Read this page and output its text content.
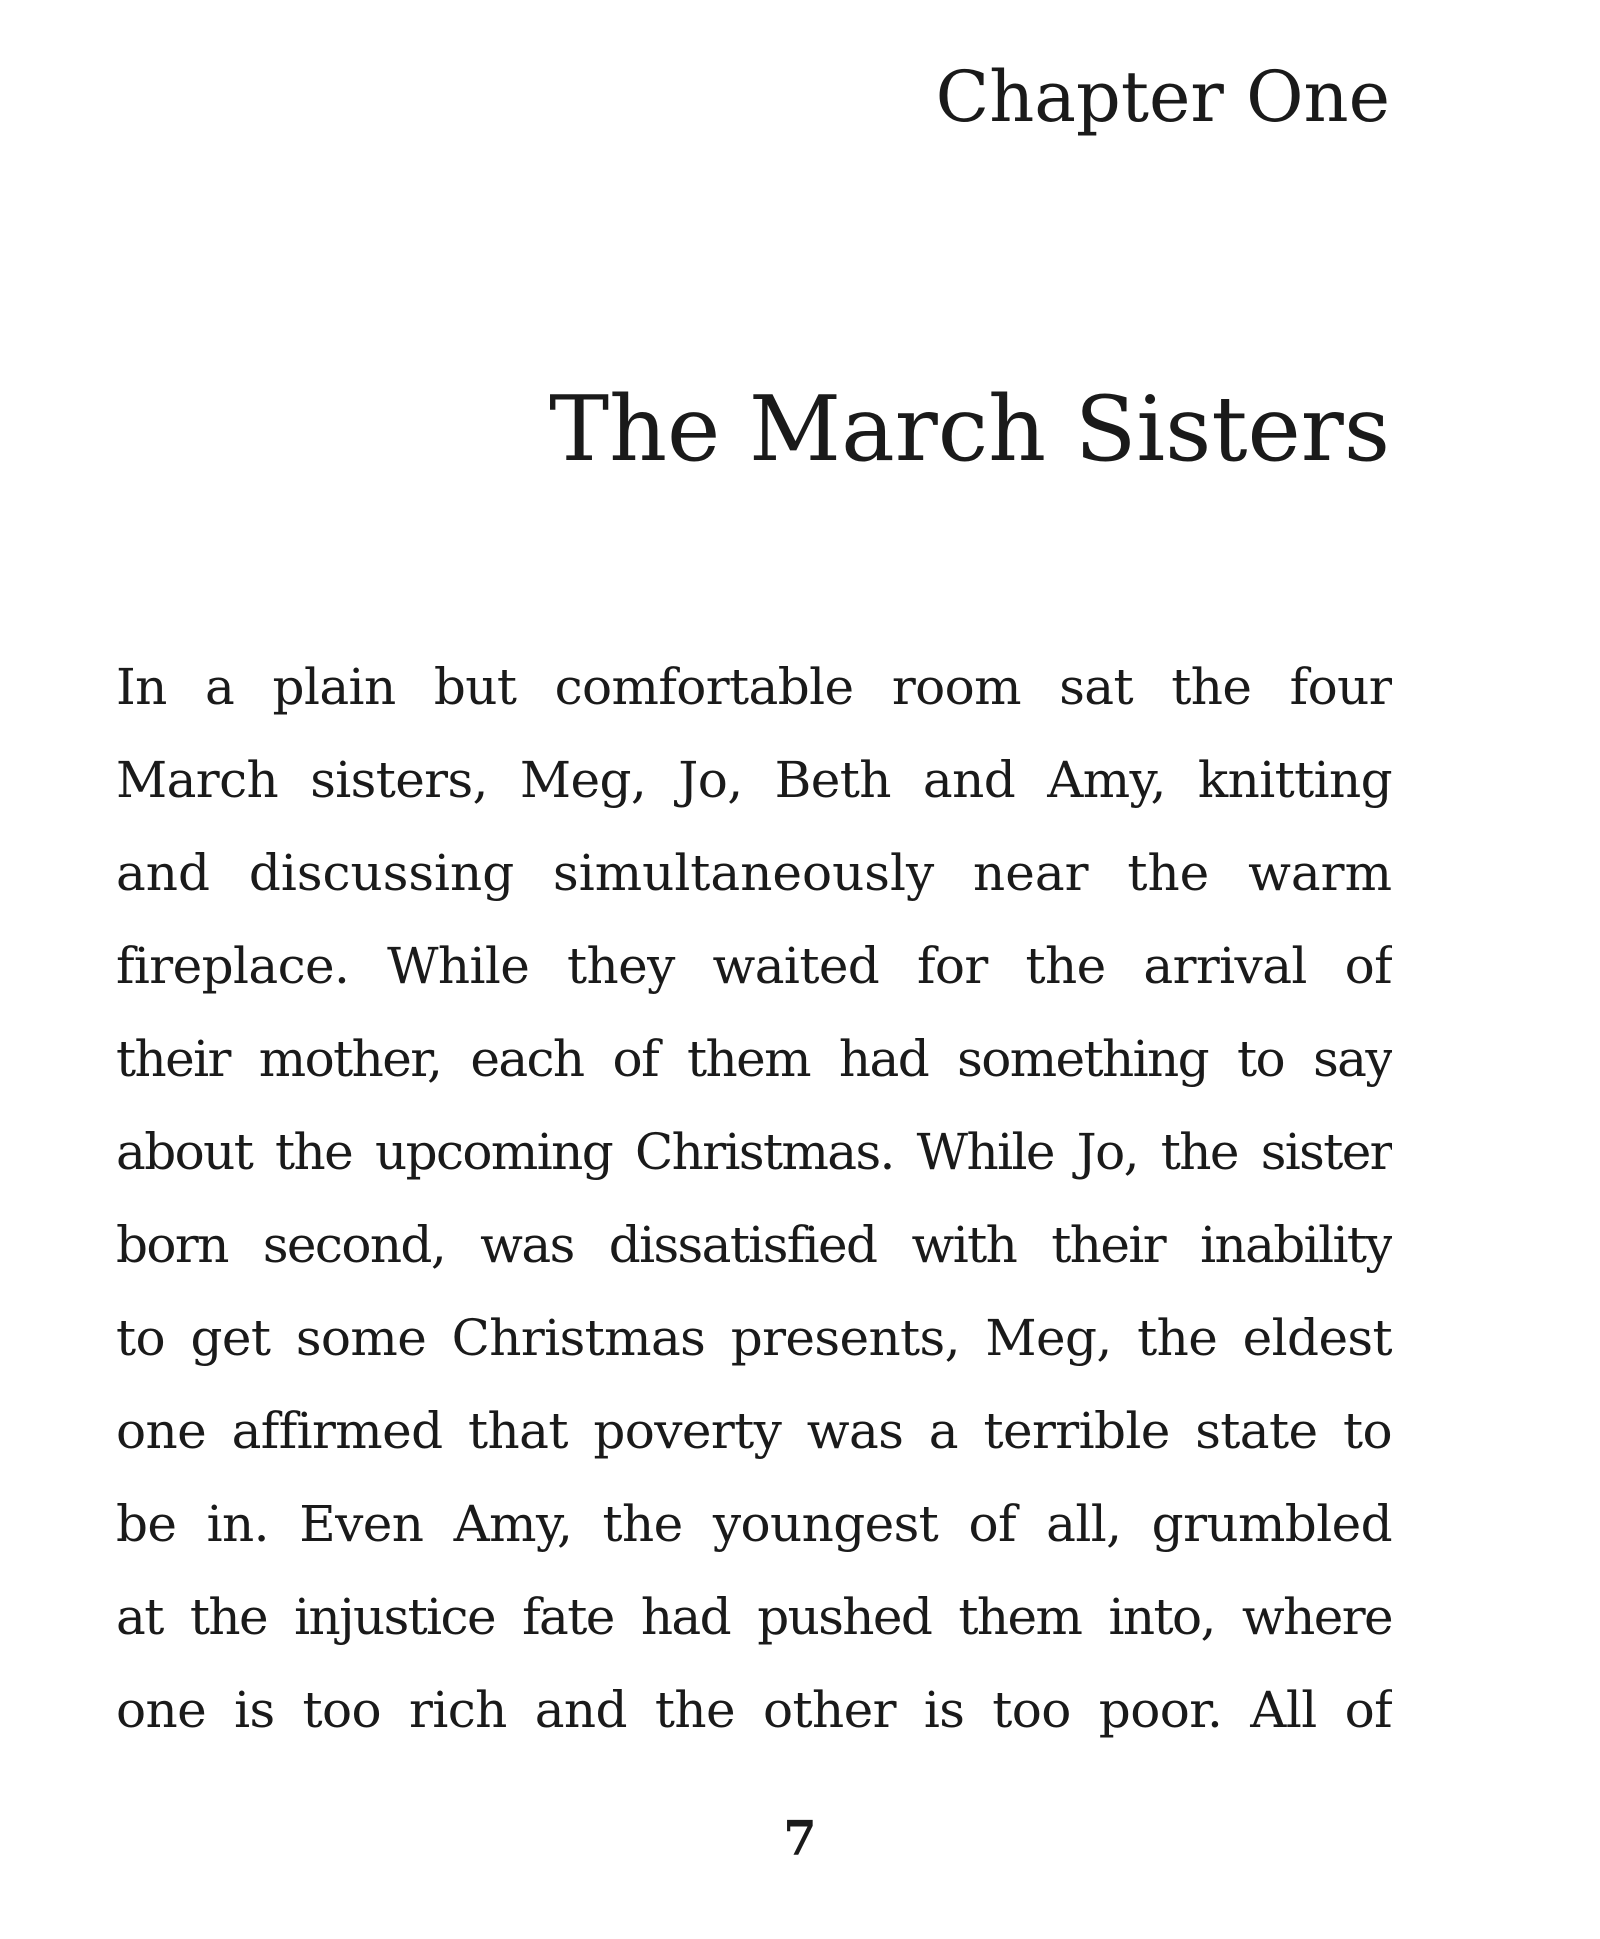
Chapter One
The March Sisters
In a plain but comfortable room sat the four
March sisters, Meg, Jo, Beth and Amy, knitting
and discussing simultaneously near the warm
fireplace. While they waited for the arrival of
their mother, each of them had something to say
about the upcoming Christmas. While Jo, the sister
born second, was dissatisfied with their inability
to get some Christmas presents, Meg, the eldest
one affirmed that poverty was a terrible state to
be in. Even Amy, the youngest of all, grumbled
at the injustice fate had pushed them into, where
one is too rich and the other is too poor. All of
7
